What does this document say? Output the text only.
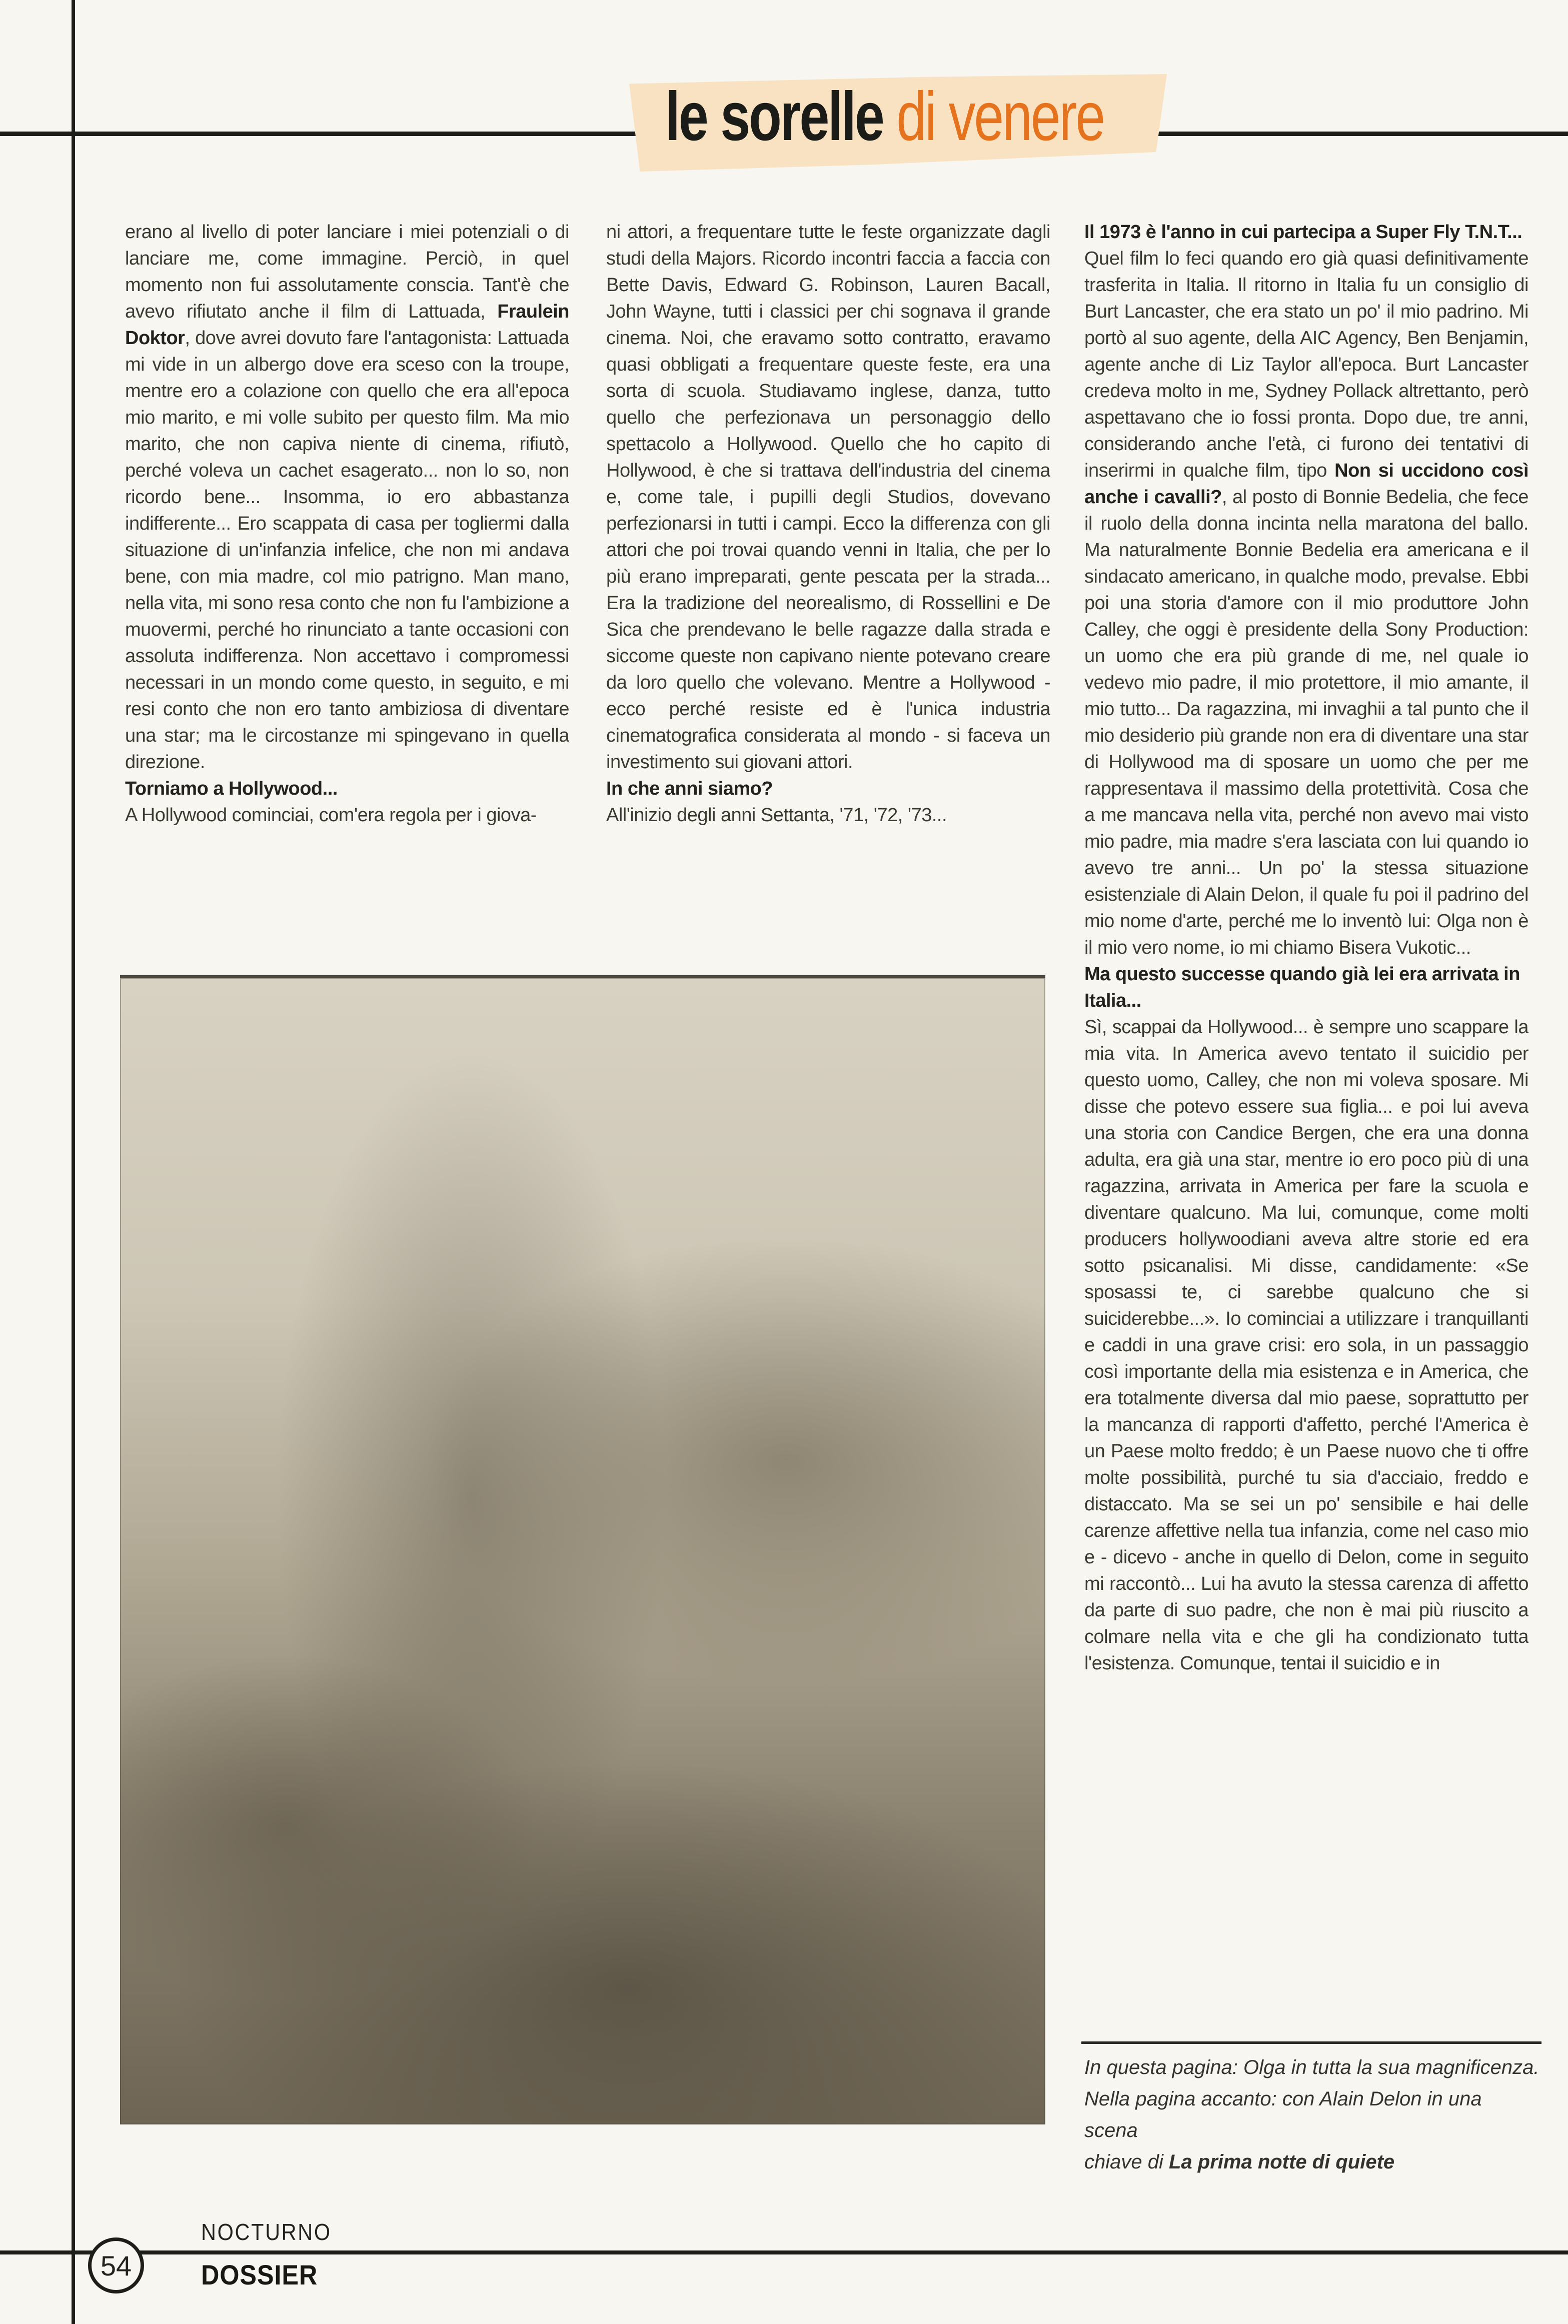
le sorelle di venere

erano al livello di poter lanciare i miei potenziali o di lanciare me, come immagine. Perciò, in quel momento non fui assolutamente conscia. Tant'è che avevo rifiutato anche il film di Lattuada, Fraulein Doktor, dove avrei dovuto fare l'antagonista: Lattuada mi vide in un albergo dove era sceso con la troupe, mentre ero a colazione con quello che era all'epoca mio marito, e mi volle subito per questo film. Ma mio marito, che non capiva niente di cinema, rifiutò, perché voleva un cachet esagerato... non lo so, non ricordo bene... Insomma, io ero abbastanza indifferente... Ero scappata di casa per togliermi dalla situazione di un'infanzia infelice, che non mi andava bene, con mia madre, col mio patrigno. Man mano, nella vita, mi sono resa conto che non fu l'ambizione a muovermi, perché ho rinunciato a tante occasioni con assoluta indifferenza. Non accettavo i compromessi necessari in un mondo come questo, in seguito, e mi resi conto che non ero tanto ambiziosa di diventare una star; ma le circostanze mi spingevano in quella direzione.

Torniamo a Hollywood...

A Hollywood cominciai, com'era regola per i giova-

ni attori, a frequentare tutte le feste organizzate dagli studi della Majors. Ricordo incontri faccia a faccia con Bette Davis, Edward G. Robinson, Lauren Bacall, John Wayne, tutti i classici per chi sognava il grande cinema. Noi, che eravamo sotto contratto, eravamo quasi obbligati a frequentare queste feste, era una sorta di scuola. Studiavamo inglese, danza, tutto quello che perfezionava un personaggio dello spettacolo a Hollywood. Quello che ho capito di Hollywood, è che si trattava dell'industria del cinema e, come tale, i pupilli degli Studios, dovevano perfezionarsi in tutti i campi. Ecco la differenza con gli attori che poi trovai quando venni in Italia, che per lo più erano impreparati, gente pescata per la strada... Era la tradizione del neorealismo, di Rossellini e De Sica che prendevano le belle ragazze dalla strada e siccome queste non capivano niente potevano creare da loro quello che volevano. Mentre a Hollywood - ecco perché resiste ed è l'unica industria cinematografica considerata al mondo - si faceva un investimento sui giovani attori.

In che anni siamo?

All'inizio degli anni Settanta, '71, '72, '73...

Il 1973 è l'anno in cui partecipa a Super Fly T.N.T...

Quel film lo feci quando ero già quasi definitivamente trasferita in Italia. Il ritorno in Italia fu un consiglio di Burt Lancaster, che era stato un po' il mio padrino. Mi portò al suo agente, della AIC Agency, Ben Benjamin, agente anche di Liz Taylor all'epoca. Burt Lancaster credeva molto in me, Sydney Pollack altrettanto, però aspettavano che io fossi pronta. Dopo due, tre anni, considerando anche l'età, ci furono dei tentativi di inserirmi in qualche film, tipo Non si uccidono così anche i cavalli?, al posto di Bonnie Bedelia, che fece il ruolo della donna incinta nella maratona del ballo. Ma naturalmente Bonnie Bedelia era americana e il sindacato americano, in qualche modo, prevalse. Ebbi poi una storia d'amore con il mio produttore John Calley, che oggi è presidente della Sony Production: un uomo che era più grande di me, nel quale io vedevo mio padre, il mio protettore, il mio amante, il mio tutto... Da ragazzina, mi invaghii a tal punto che il mio desiderio più grande non era di diventare una star di Hollywood ma di sposare un uomo che per me rappresentava il massimo della protettività. Cosa che a me mancava nella vita, perché non avevo mai visto mio padre, mia madre s'era lasciata con lui quando io avevo tre anni... Un po' la stessa situazione esistenziale di Alain Delon, il quale fu poi il padrino del mio nome d'arte, perché me lo inventò lui: Olga non è il mio vero nome, io mi chiamo Bisera Vukotic...

Ma questo successe quando già lei era arrivata in Italia...

Sì, scappai da Hollywood... è sempre uno scappare la mia vita. In America avevo tentato il suicidio per questo uomo, Calley, che non mi voleva sposare. Mi disse che potevo essere sua figlia... e poi lui aveva una storia con Candice Bergen, che era una donna adulta, era già una star, mentre io ero poco più di una ragazzina, arrivata in America per fare la scuola e diventare qualcuno. Ma lui, comunque, come molti producers hollywoodiani aveva altre storie ed era sotto psicanalisi. Mi disse, candidamente: «Se sposassi te, ci sarebbe qualcuno che si suiciderebbe...». Io cominciai a utilizzare i tranquillanti e caddi in una grave crisi: ero sola, in un passaggio così importante della mia esistenza e in America, che era totalmente diversa dal mio paese, soprattutto per la mancanza di rapporti d'affetto, perché l'America è un Paese molto freddo; è un Paese nuovo che ti offre molte possibilità, purché tu sia d'acciaio, freddo e distaccato. Ma se sei un po' sensibile e hai delle carenze affettive nella tua infanzia, come nel caso mio e - dicevo - anche in quello di Delon, come in seguito mi raccontò... Lui ha avuto la stessa carenza di affetto da parte di suo padre, che non è mai più riuscito a colmare nella vita e che gli ha condizionato tutta l'esistenza. Comunque, tentai il suicidio e in

In questa pagina: Olga in tutta la sua magnificenza.
Nella pagina accanto: con Alain Delon in una scena
chiave di La prima notte di quiete
54
NOCTURNO
DOSSIER
